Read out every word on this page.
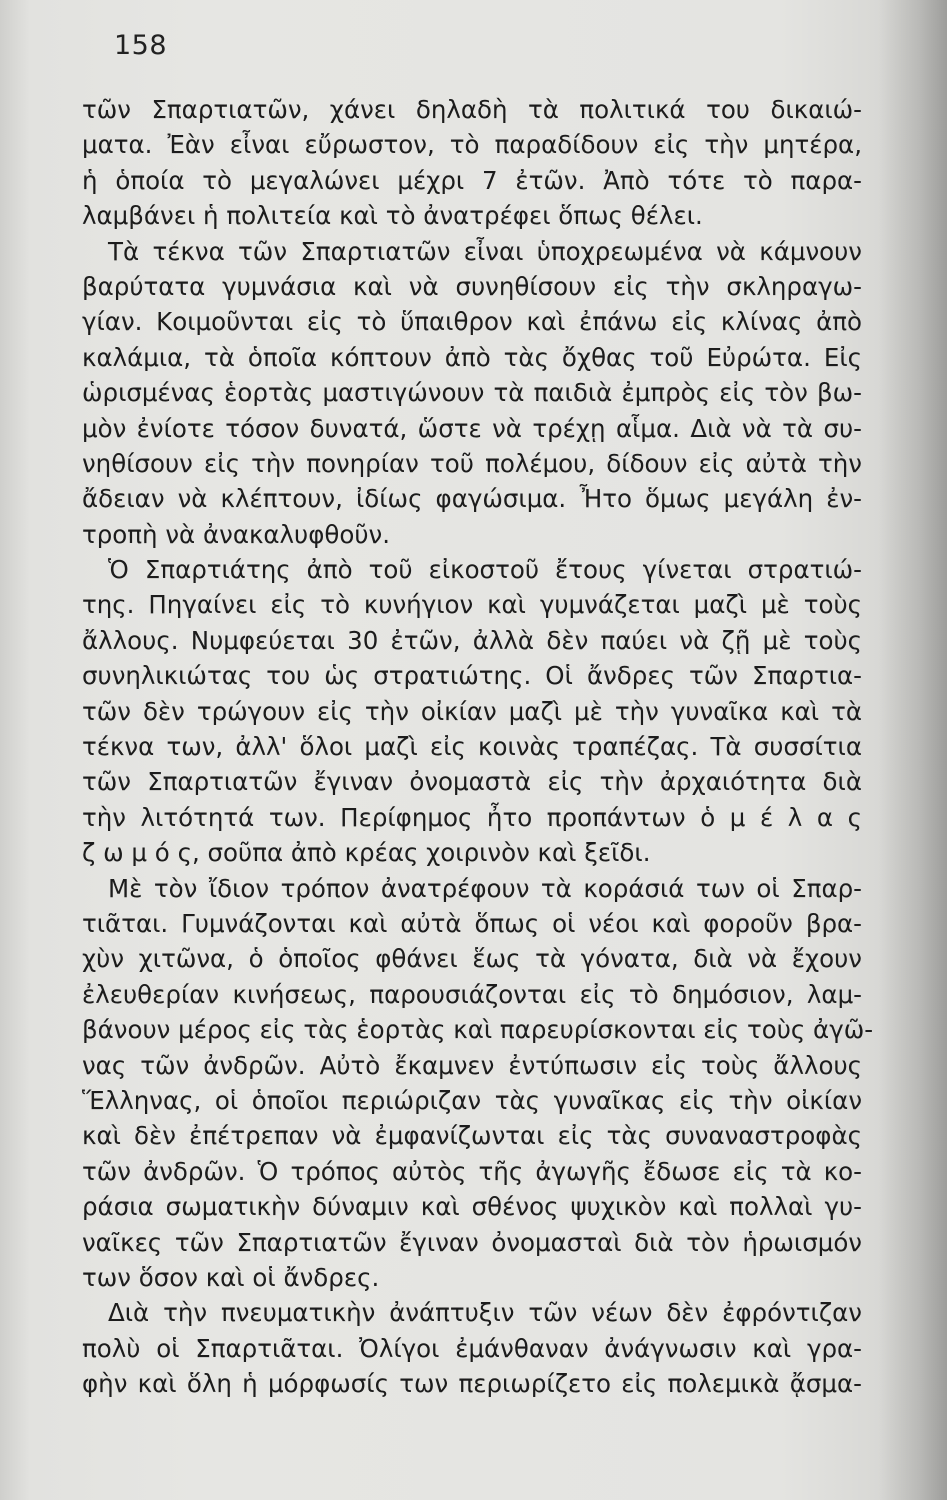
158
τῶν Σπαρτιατῶν, χάνει δηλαδὴ τὰ πολιτικά του δικαιώ-
ματα. Ἐὰν εἶναι εὔρωστον, τὸ παραδίδουν εἰς τὴν μητέρα,
ἡ ὁποία τὸ μεγαλώνει μέχρι 7 ἐτῶν. Ἀπὸ τότε τὸ παρα-
λαμβάνει ἡ πολιτεία καὶ τὸ ἀνατρέφει ὅπως θέλει.
Τὰ τέκνα τῶν Σπαρτιατῶν εἶναι ὑποχρεωμένα νὰ κάμνουν
βαρύτατα γυμνάσια καὶ νὰ συνηθίσουν εἰς τὴν σκληραγω-
γίαν. Κοιμοῦνται εἰς τὸ ὕπαιθρον καὶ ἐπάνω εἰς κλίνας ἀπὸ
καλάμια, τὰ ὁποῖα κόπτουν ἀπὸ τὰς ὄχθας τοῦ Εὐρώτα. Εἰς
ὡρισμένας ἑορτὰς μαστιγώνουν τὰ παιδιὰ ἐμπρὸς εἰς τὸν βω-
μὸν ἐνίοτε τόσον δυνατά, ὥστε νὰ τρέχῃ αἷμα. Διὰ νὰ τὰ συ-
νηθίσουν εἰς τὴν πονηρίαν τοῦ πολέμου, δίδουν εἰς αὐτὰ τὴν
ἄδειαν νὰ κλέπτουν, ἰδίως φαγώσιμα. Ἦτο ὅμως μεγάλη ἐν-
τροπὴ νὰ ἀνακαλυφθοῦν.
Ὁ Σπαρτιάτης ἀπὸ τοῦ εἰκοστοῦ ἔτους γίνεται στρατιώ-
της. Πηγαίνει εἰς τὸ κυνήγιον καὶ γυμνάζεται μαζὶ μὲ τοὺς
ἄλλους. Νυμφεύεται 30 ἐτῶν, ἀλλὰ δὲν παύει νὰ ζῇ μὲ τοὺς
συνηλικιώτας του ὡς στρατιώτης. Οἱ ἄνδρες τῶν Σπαρτια-
τῶν δὲν τρώγουν εἰς τὴν οἰκίαν μαζὶ μὲ τὴν γυναῖκα καὶ τὰ
τέκνα των, ἀλλ' ὅλοι μαζὶ εἰς κοινὰς τραπέζας. Τὰ συσσίτια
τῶν Σπαρτιατῶν ἔγιναν ὀνομαστὰ εἰς τὴν ἀρχαιότητα διὰ
τὴν λιτότητά των. Περίφημος ἦτο προπάντων ὁ μ έ λ α ς
ζ ω μ ό ς, σοῦπα ἀπὸ κρέας χοιρινὸν καὶ ξεῖδι.
Μὲ τὸν ἴδιον τρόπον ἀνατρέφουν τὰ κοράσιά των οἱ Σπαρ-
τιᾶται. Γυμνάζονται καὶ αὐτὰ ὅπως οἱ νέοι καὶ φοροῦν βρα-
χὺν χιτῶνα, ὁ ὁποῖος φθάνει ἕως τὰ γόνατα, διὰ νὰ ἔχουν
ἐλευθερίαν κινήσεως, παρουσιάζονται εἰς τὸ δημόσιον, λαμ-
βάνουν μέρος εἰς τὰς ἑορτὰς καὶ παρευρίσκονται εἰς τοὺς ἀγῶ-
νας τῶν ἀνδρῶν. Αὐτὸ ἔκαμνεν ἐντύπωσιν εἰς τοὺς ἄλλους
Ἕλληνας, οἱ ὁποῖοι περιώριζαν τὰς γυναῖκας εἰς τὴν οἰκίαν
καὶ δὲν ἐπέτρεπαν νὰ ἐμφανίζωνται εἰς τὰς συναναστροφὰς
τῶν ἀνδρῶν. Ὁ τρόπος αὐτὸς τῆς ἀγωγῆς ἔδωσε εἰς τὰ κο-
ράσια σωματικὴν δύναμιν καὶ σθένος ψυχικὸν καὶ πολλαὶ γυ-
ναῖκες τῶν Σπαρτιατῶν ἔγιναν ὀνομασταὶ διὰ τὸν ἡρωισμόν
των ὅσον καὶ οἱ ἄνδρες.
Διὰ τὴν πνευματικὴν ἀνάπτυξιν τῶν νέων δὲν ἐφρόντιζαν
πολὺ οἱ Σπαρτιᾶται. Ὀλίγοι ἐμάνθαναν ἀνάγνωσιν καὶ γρα-
φὴν καὶ ὅλη ἡ μόρφωσίς των περιωρίζετο εἰς πολεμικὰ ᾄσμα-
